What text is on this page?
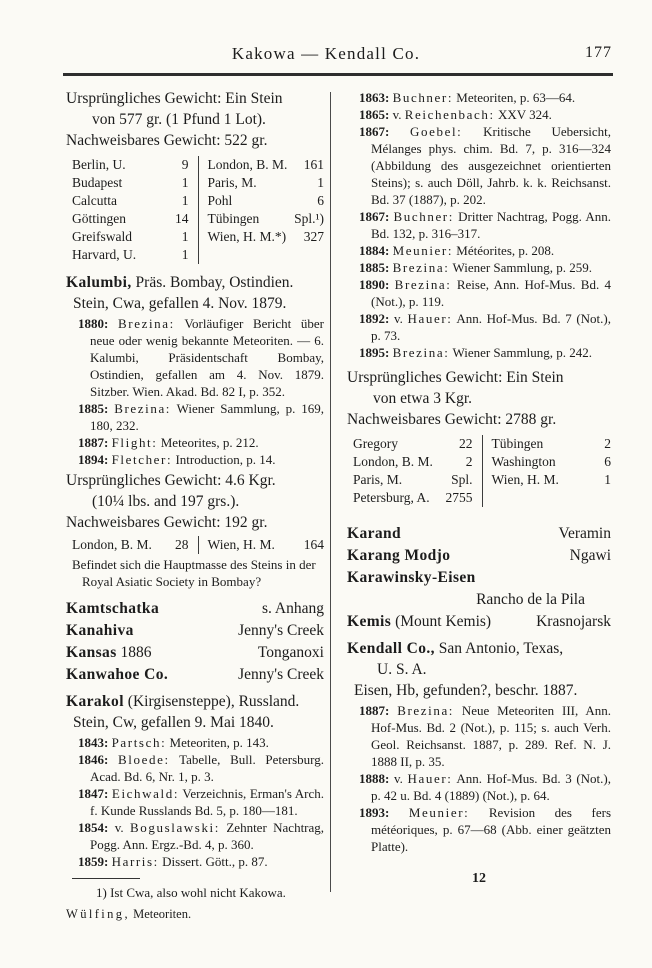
Kakowa — Kendall Co.	177

Ursprüngliches Gewicht: Ein Stein
von 577 gr. (1 Pfund 1 Lot).
Nachweisbares Gewicht: 522 gr.

Berlin, U.	9 London, B. M. 161
Budapest	1 Paris, M.	1
Calcutta	1 Pohl	6
Göttingen	14 Tübingen	Spl.¹)
Greifswald	1 Wien, H. M.*) 327
Harvard, U.	1

Kalumbi, Präs. Bombay, Ostindien.

Stein, Cwa, gefallen 4. Nov. 1879.

1880: Brezina: Vorläufiger Bericht über neue oder wenig bekannte Meteoriten. — 6. Kalumbi, Präsidentschaft Bombay, Ostindien, gefallen am 4. Nov. 1879. Sitzber. Wien. Akad. Bd. 82 I, p. 352.

1885: Brezina: Wiener Sammlung, p. 169, 180, 232.

1887: Flight: Meteorites, p. 212.

1894: Fletcher: Introduction, p. 14.

Ursprüngliches Gewicht: 4.6 Kgr.
(10¼ lbs. and 197 grs.).
Nachweisbares Gewicht: 192 gr.

London, B. M. 28 Wien, H. M. 164

Befindet sich die Hauptmasse des Steins in der Royal Asiatic Society in Bombay?

Kamtschatka	s. Anhang
Kanahiva	Jenny's Creek
Kansas 1886	Tonganoxi
Kanwahoe Co.	Jenny's Creek

Karakol (Kirgisensteppe), Russland.

Stein, Cw, gefallen 9. Mai 1840.

1843: Partsch: Meteoriten, p. 143.

1846: Bloede: Tabelle, Bull. Petersburg. Acad. Bd. 6, Nr. 1, p. 3.

1847: Eichwald: Verzeichnis, Erman's Arch. f. Kunde Russlands Bd. 5, p. 180—181.

1854: v. Boguslawski: Zehnter Nachtrag, Pogg. Ann. Ergz.-Bd. 4, p. 360.

1859: Harris: Dissert. Gött., p. 87.

1) Ist Cwa, also wohl nicht Kakowa.

Wülfing, Meteoriten.

1863: Buchner: Meteoriten, p. 63—64.

1865: v. Reichenbach: XXV 324.

1867: Goebel: Kritische Uebersicht, Mélanges phys. chim. Bd. 7, p. 316—324 (Abbildung des ausgezeichnet orientierten Steins); s. auch Döll, Jahrb. k. k. Reichsanst. Bd. 37 (1887), p. 202.

1867: Buchner: Dritter Nachtrag, Pogg. Ann. Bd. 132, p. 316–317.

1884: Meunier: Météorites, p. 208.

1885: Brezina: Wiener Sammlung, p. 259.

1890: Brezina: Reise, Ann. Hof-Mus. Bd. 4 (Not.), p. 119.

1892: v. Hauer: Ann. Hof-Mus. Bd. 7 (Not.), p. 73.

1895: Brezina: Wiener Sammlung, p. 242.

Ursprüngliches Gewicht: Ein Stein
von etwa 3 Kgr.
Nachweisbares Gewicht: 2788 gr.

Gregory	22 Tübingen	2
London, B. M. 2 Washington	6
Paris, M.	Spl. Wien, H. M.	1
Petersburg, A. 2755
Karand	Veramin
Karang Modjo	Ngawi
Karawinsky-Eisen
Rancho de la Pila
Kemis (Mount Kemis)	Krasnojarsk

Kendall Co., San Antonio, Texas,

U. S. A.

Eisen, Hb, gefunden?, beschr. 1887.

1887: Brezina: Neue Meteoriten III, Ann. Hof-Mus. Bd. 2 (Not.), p. 115; s. auch Verh. Geol. Reichsanst. 1887, p. 289. Ref. N. J. 1888 II, p. 35.

1888: v. Hauer: Ann. Hof-Mus. Bd. 3 (Not.), p. 42 u. Bd. 4 (1889) (Not.), p. 64.

1893: Meunier: Revision des fers météoriques, p. 67—68 (Abb. einer geätzten Platte).

12
